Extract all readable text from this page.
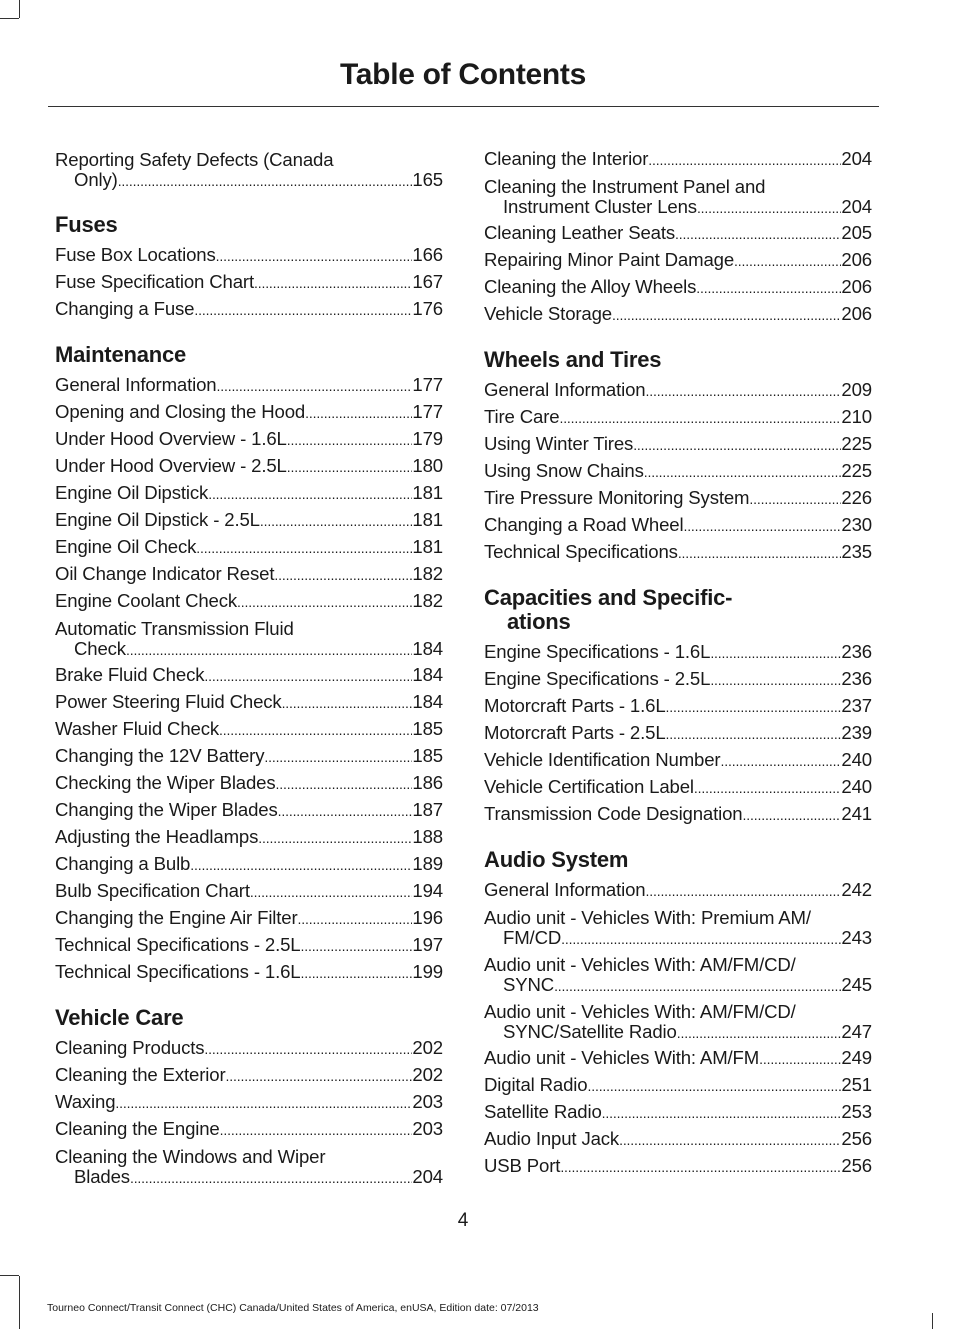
Table of Contents
Reporting Safety Defects (Canada
Only) .....	165
Fuses
Fuse Box Locations .....	166
Fuse Specification Chart .....	167
Changing a Fuse .....	176
Maintenance
General Information .....	177
Opening and Closing the Hood .....	177
Under Hood Overview - 1.6L .....	179
Under Hood Overview - 2.5L .....	180
Engine Oil Dipstick .....	181
Engine Oil Dipstick - 2.5L .....	181
Engine Oil Check .....	181
Oil Change Indicator Reset .....	182
Engine Coolant Check .....	182
Automatic Transmission Fluid
Check .....	184
Brake Fluid Check .....	184
Power Steering Fluid Check .....	184
Washer Fluid Check .....	185
Changing the 12V Battery .....	185
Checking the Wiper Blades .....	186
Changing the Wiper Blades .....	187
Adjusting the Headlamps .....	188
Changing a Bulb .....	189
Bulb Specification Chart .....	194
Changing the Engine Air Filter .....	196
Technical Specifications - 2.5L .....	197
Technical Specifications - 1.6L .....	199
Vehicle Care
Cleaning Products .....	202
Cleaning the Exterior .....	202
Waxing .....	203
Cleaning the Engine .....	203
Cleaning the Windows and Wiper
Blades .....	204
Cleaning the Interior .....	204
Cleaning the Instrument Panel and
Instrument Cluster Lens .....	204
Cleaning Leather Seats .....	205
Repairing Minor Paint Damage .....	206
Cleaning the Alloy Wheels .....	206
Vehicle Storage .....	206
Wheels and Tires
General Information .....	209
Tire Care .....	210
Using Winter Tires .....	225
Using Snow Chains .....	225
Tire Pressure Monitoring System .....	226
Changing a Road Wheel .....	230
Technical Specifications .....	235
Capacities and Specific-
ations
Engine Specifications - 1.6L .....	236
Engine Specifications - 2.5L .....	236
Motorcraft Parts - 1.6L .....	237
Motorcraft Parts - 2.5L .....	239
Vehicle Identification Number .....	240
Vehicle Certification Label .....	240
Transmission Code Designation .....	241
Audio System
General Information .....	242
Audio unit - Vehicles With: Premium AM/
FM/CD .....	243
Audio unit - Vehicles With: AM/FM/CD/
SYNC .....	245
Audio unit - Vehicles With: AM/FM/CD/
SYNC/Satellite Radio .....	247
Audio unit - Vehicles With: AM/FM .....	249
Digital Radio .....	251
Satellite Radio .....	253
Audio Input Jack .....	256
USB Port .....	256
4
Tourneo Connect/Transit Connect (CHC) Canada/United States of America, enUSA, Edition date: 07/2013
